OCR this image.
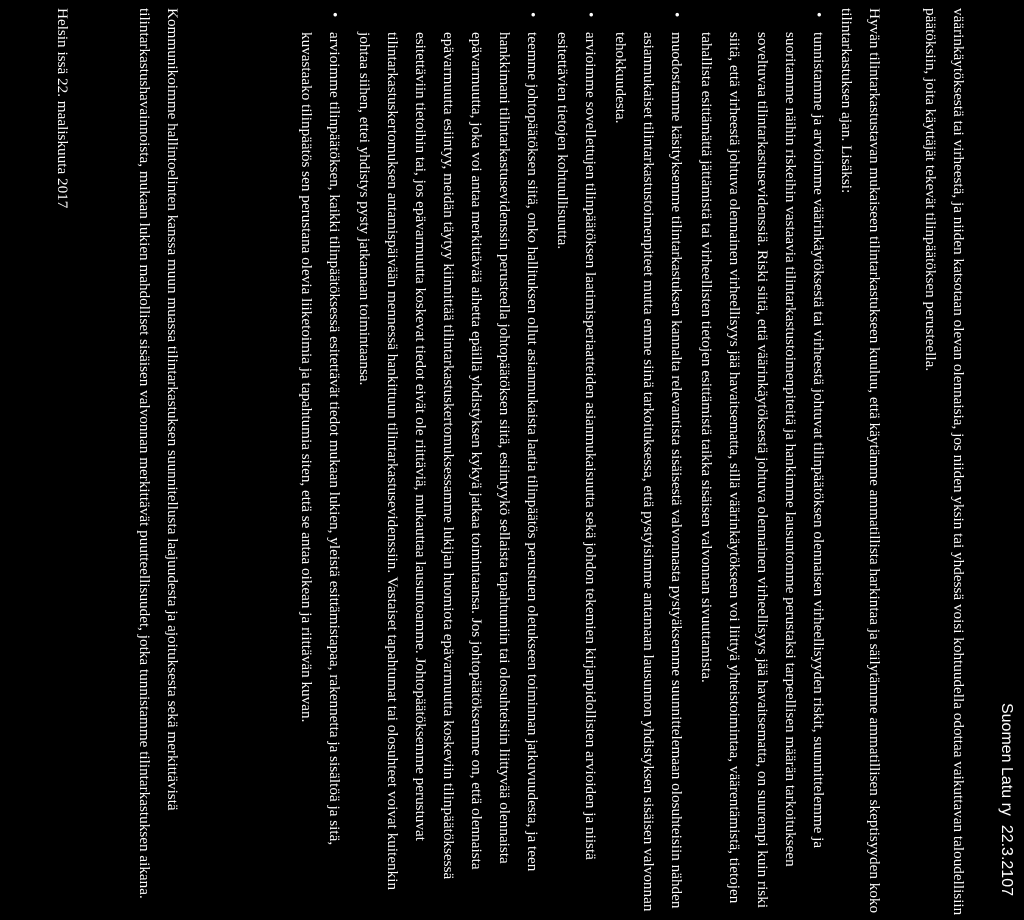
Suomen Latu ry  22.3.2107

väärinkäytöksestä tai virheestä, ja niiden katsotaan olevan olennaisia, jos niiden yksin tai yhdessä voisi kohtuudella odottaa vaikuttavan taloudellisiin päätöksiin, joita käyttäjät tekevät tilinpäätöksen perusteella.

Hyvän tilintarkastustavan mukaiseen tilintarkastukseen kuuluu, että käytämme ammatillista harkintaa ja säilytämme ammatillisen skeptisyyden koko tilintarkastuksen ajan. Lisäksi:

•
tunnistamme ja arvioimme väärinkäytöksestä tai virheestä johtuvat tilinpäätöksen olennaisen virheellisyyden riskit, suunnittelemme ja suoritamme näihin riskeihin vastaavia tilintarkastustoimenpiteitä ja hankimme lausuntomme perustaksi tarpeellisen määrän tarkoitukseen soveltuvaa tilintarkastusevidenssiä. Riski siitä, että väärinkäytöksestä johtuva olennainen virheellisyys jää havaitsematta, on suurempi kuin riski siitä, että virheestä johtuva olennainen virheellisyys jää havaitsematta, sillä väärinkäytökseen voi liittyä yhteistoimintaa, väärentämistä, tietojen tahallista esittämättä jättämistä tai virheellisten tietojen esittämistä taikka sisäisen valvonnan sivuuttamista.
•
muodostamme käsityksemme tilintarkastuksen kannalta relevantista sisäisestä valvonnasta pystyäksemme suunnittelemaan olosuhteisiin nähden asianmukaiset tilintarkastustoimenpiteet mutta emme siinä tarkoituksessa, että pystyisimme antamaan lausunnon yhdistyksen sisäisen valvonnan tehokkuudesta.
•
arvioimme sovellettujen tilinpäätöksen laatimisperiaatteiden asianmukaisuutta sekä johdon tekemien kirjanpidollisten arvioiden ja niistä esitettävien tietojen kohtuullisuutta.
•
teemme johtopäätöksen siitä, onko hallituksen ollut asianmukaista laatia tilinpäätös perustuen oletukseen toiminnan jatkuvuudesta, ja teen hankkimani tilintarkastusevidenssin perusteella johtopäätöksen siitä, esiintyykö sellaista tapahtumiin tai olosuhteisiin liittyvää olennaista epävarmuutta, joka voi antaa merkittävää aihetta epäillä yhdistyksen kykyä jatkaa toimintaansa. Jos johtopäätöksemme on, että olennaista epävarmuutta esiintyy, meidän täytyy kiinnittää tilintarkastuskertomuksessamme lukijan huomiota epävarmuutta koskeviin tilinpäätöksessä esitettäviin tietoihin tai, jos epävarmuutta koskevat tiedot eivät ole riittäviä, mukauttaa lausuntoamme. Johtopäätöksemme perustuvat tilintarkastuskertomuksen antamispäivään mennessä hankittuun tilintarkastusevidenssiin. Vastaiset tapahtumat tai olosuhteet voivat kuitenkin johtaa siihen, ettei yhdistys pysty jatkamaan toimintaansa.
•
arvioimme tilinpäätöksen, kaikki tilinpäätöksessä esitettävät tiedot mukaan lukien, yleistä esittämistapaa, rakennetta ja sisältöä ja sitä, kuvastaako tilinpäätös sen perustana olevia liiketoimia ja tapahtumia siten, että se antaa oikean ja riittävän kuvan.

Kommunikoimme hallintoelinten kanssa muun muassa tilintarkastuksen suunnitellusta laajuudesta ja ajoituksesta sekä merkittävistä tilintarkastushavainnoista, mukaan lukien mahdolliset sisäisen valvonnan merkittävät puutteellisuudet, jotka tunnistamme tilintarkastuksen aikana.

Helsin issä 22. maaliskuuta 2017
